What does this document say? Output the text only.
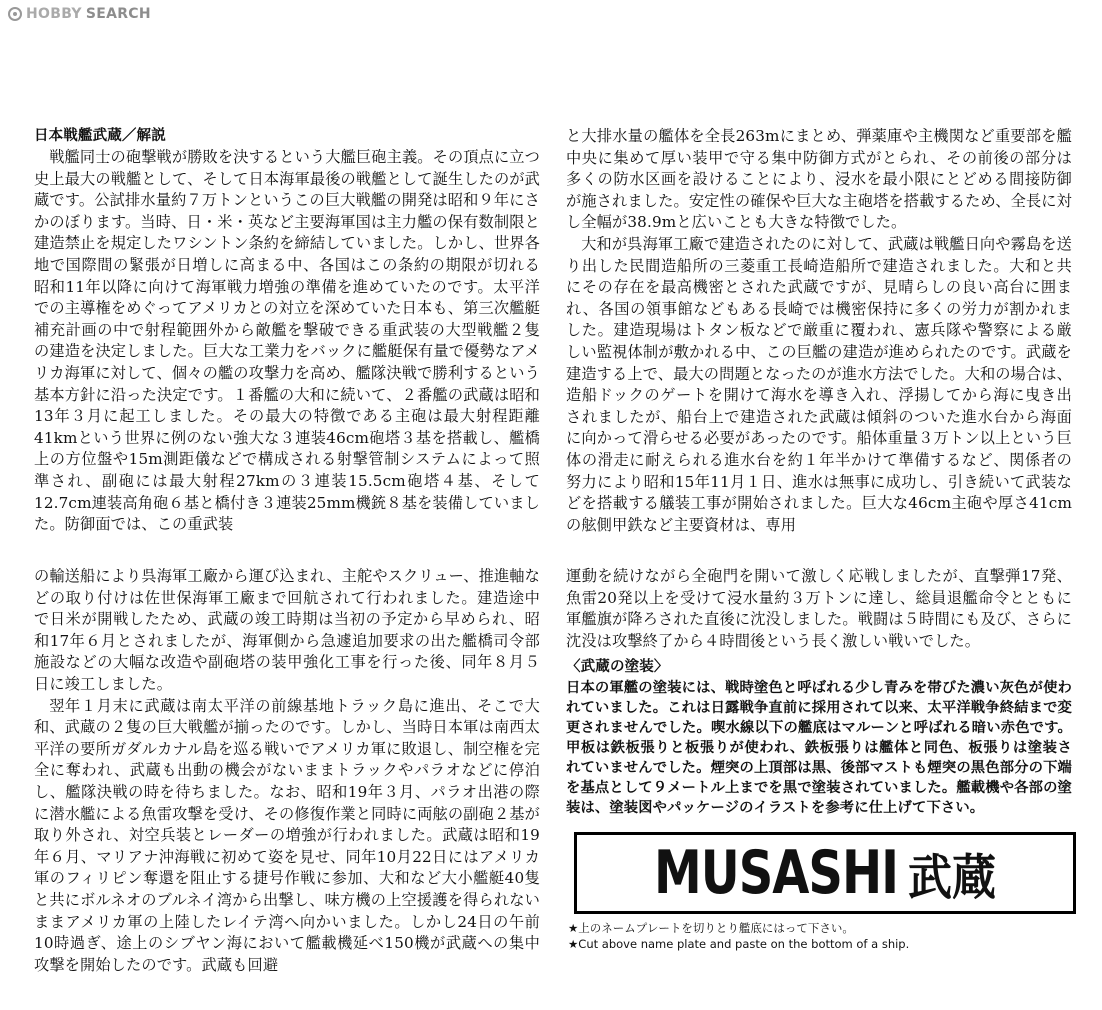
HOBBY SEARCH
日本戦艦武蔵／解説

戦艦同士の砲撃戦が勝敗を決するという大艦巨砲主義。その頂点に立つ史上最大の戦艦として、そして日本海軍最後の戦艦として誕生したのが武蔵です。公試排水量約７万トンというこの巨大戦艦の開発は昭和９年にさかのぼります。当時、日・米・英など主要海軍国は主力艦の保有数制限と建造禁止を規定したワシントン条約を締結していました。しかし、世界各地で国際間の緊張が日増しに高まる中、各国はこの条約の期限が切れる昭和11年以降に向けて海軍戦力増強の準備を進めていたのです。太平洋での主導権をめぐってアメリカとの対立を深めていた日本も、第三次艦艇補充計画の中で射程範囲外から敵艦を撃破できる重武装の大型戦艦２隻の建造を決定しました。巨大な工業力をバックに艦艇保有量で優勢なアメリカ海軍に対して、個々の艦の攻撃力を高め、艦隊決戦で勝利するという基本方針に沿った決定です。１番艦の大和に続いて、２番艦の武蔵は昭和13年３月に起工しました。その最大の特徴である主砲は最大射程距離41kmという世界に例のない強大な３連装46cm砲塔３基を搭載し、艦橋上の方位盤や15m測距儀などで構成される射撃管制システムによって照準され、副砲には最大射程27kmの３連装15.5cm砲塔４基、そして12.7cm連装高角砲６基と橋付き３連装25mm機銃８基を装備していました。防御面では、この重武装

と大排水量の艦体を全長263mにまとめ、弾薬庫や主機関など重要部を艦中央に集めて厚い装甲で守る集中防御方式がとられ、その前後の部分は多くの防水区画を設けることにより、浸水を最小限にとどめる間接防御が施されました。安定性の確保や巨大な主砲塔を搭載するため、全長に対し全幅が38.9mと広いことも大きな特徴でした。

大和が呉海軍工廠で建造されたのに対して、武蔵は戦艦日向や霧島を送り出した民間造船所の三菱重工長崎造船所で建造されました。大和と共にその存在を最高機密とされた武蔵ですが、見晴らしの良い高台に囲まれ、各国の領事館などもある長崎では機密保持に多くの労力が割かれました。建造現場はトタン板などで厳重に覆われ、憲兵隊や警察による厳しい監視体制が敷かれる中、この巨艦の建造が進められたのです。武蔵を建造する上で、最大の問題となったのが進水方法でした。大和の場合は、造船ドックのゲートを開けて海水を導き入れ、浮揚してから海に曳き出されましたが、船台上で建造された武蔵は傾斜のついた進水台から海面に向かって滑らせる必要があったのです。船体重量３万トン以上という巨体の滑走に耐えられる進水台を約１年半かけて準備するなど、関係者の努力により昭和15年11月１日、進水は無事に成功し、引き続いて武装などを搭載する艤装工事が開始されました。巨大な46cm主砲や厚さ41cmの舷側甲鉄など主要資材は、専用

の輸送船により呉海軍工廠から運び込まれ、主舵やスクリュー、推進軸などの取り付けは佐世保海軍工廠まで回航されて行われました。建造途中で日米が開戦したため、武蔵の竣工時期は当初の予定から早められ、昭和17年６月とされましたが、海軍側から急遽追加要求の出た艦橋司令部施設などの大幅な改造や副砲塔の装甲強化工事を行った後、同年８月５日に竣工しました。

翌年１月末に武蔵は南太平洋の前線基地トラック島に進出、そこで大和、武蔵の２隻の巨大戦艦が揃ったのです。しかし、当時日本軍は南西太平洋の要所ガダルカナル島を巡る戦いでアメリカ軍に敗退し、制空権を完全に奪われ、武蔵も出動の機会がないままトラックやパラオなどに停泊し、艦隊決戦の時を待ちました。なお、昭和19年３月、パラオ出港の際に潜水艦による魚雷攻撃を受け、その修復作業と同時に両舷の副砲２基が取り外され、対空兵装とレーダーの増強が行われました。武蔵は昭和19年６月、マリアナ沖海戦に初めて姿を見せ、同年10月22日にはアメリカ軍のフィリピン奪還を阻止する捷号作戦に参加、大和など大小艦艇40隻と共にボルネオのブルネイ湾から出撃し、味方機の上空援護を得られないままアメリカ軍の上陸したレイテ湾へ向かいました。しかし24日の午前10時過ぎ、途上のシブヤン海において艦載機延べ150機が武蔵への集中攻撃を開始したのです。武蔵も回避

運動を続けながら全砲門を開いて激しく応戦しましたが、直撃弾17発、魚雷20発以上を受けて浸水量約３万トンに達し、総員退艦命令とともに軍艦旗が降ろされた直後に沈没しました。戦闘は５時間にも及び、さらに沈没は攻撃終了から４時間後という長く激しい戦いでした。

〈武蔵の塗装〉
日本の軍艦の塗装には、戦時塗色と呼ばれる少し青みを帯びた濃い灰色が使われていました。これは日露戦争直前に採用されて以来、太平洋戦争終結まで変更されませんでした。喫水線以下の艦底はマルーンと呼ばれる暗い赤色です。甲板は鉄板張りと板張りが使われ、鉄板張りは艦体と同色、板張りは塗装されていませんでした。煙突の上頂部は黒、後部マストも煙突の黒色部分の下端を基点として９メートル上までを黒で塗装されていました。艦載機や各部の塗装は、塗装図やパッケージのイラストを参考に仕上げて下さい。
MUSASHI 武蔵
★上のネームプレートを切りとり艦底にはって下さい。
★Cut above name plate and paste on the bottom of a ship.
